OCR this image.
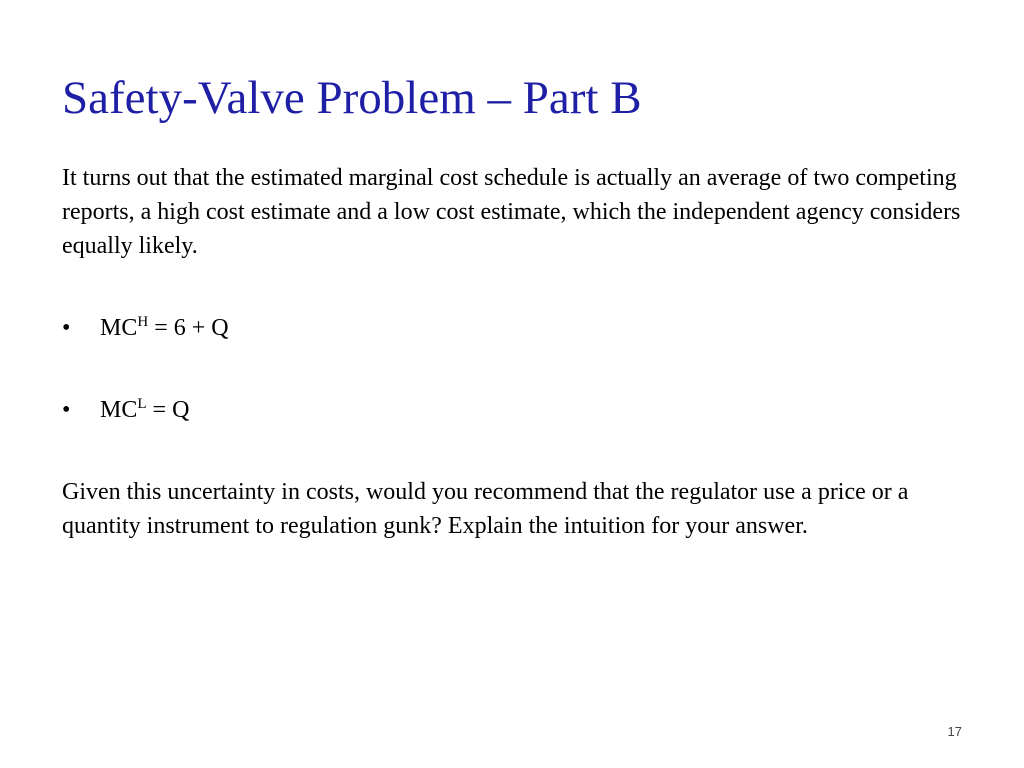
Safety-Valve Problem – Part B

It turns out that the estimated marginal cost schedule is actually an average of two competing reports, a high cost estimate and a low cost estimate, which the independent agency considers equally likely.

• $MC^H = 6 + Q$
• $MC^L = Q$

Given this uncertainty in costs, would you recommend that the regulator use a price or a quantity instrument to regulation gunk? Explain the intuition for your answer.

17
